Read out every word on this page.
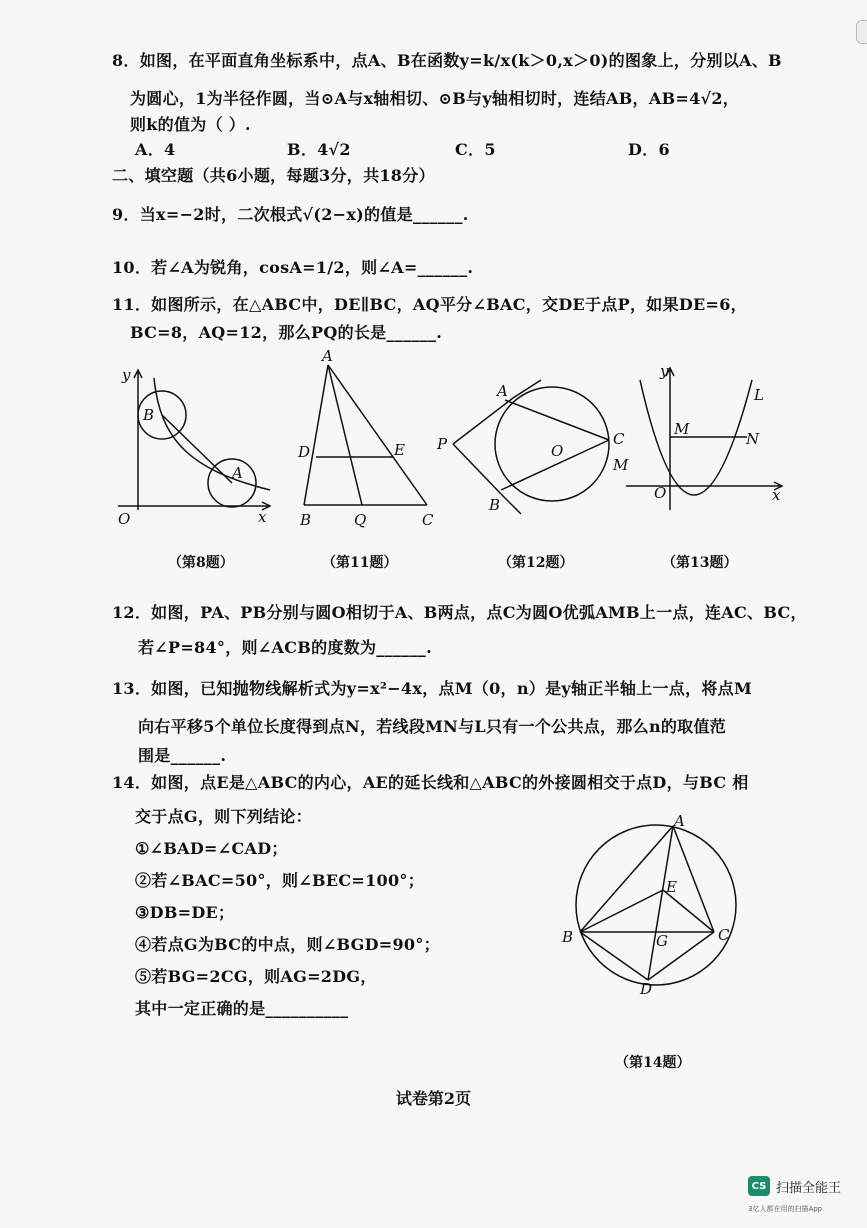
8．如图，在平面直角坐标系中，点A、B在函数y=k/x(k＞0,x＞0)的图象上，分别以A、B
为圆心，1为半径作圆，当⊙A与x轴相切、⊙B与y轴相切时，连结AB，AB=4√2，
则k的值为（ ）.
A．4	B．4√2	C．5	D．6
二、填空题（共6小题，每题3分，共18分）
9．当x=−2时，二次根式√(2−x)的值是______.
10．若∠A为锐角，cosA=1/2，则∠A=______.
11．如图所示，在△ABC中，DE∥BC，AQ平分∠BAC，交DE于点P，如果DE=6，
BC=8，AQ=12，那么PQ的长是______.
y
x
O
B
A
（第8题）
A
D	E
B	Q	C
（第11题）
A
P	O
C
M
B
（第12题）
y
x
O
M
N
L
（第13题）
12．如图，PA、PB分别与圆O相切于A、B两点，点C为圆O优弧AMB上一点，连AC、BC，
若∠P=84°，则∠ACB的度数为______.
13．如图，已知抛物线解析式为y=x²−4x，点M（0，n）是y轴正半轴上一点，将点M
向右平移5个单位长度得到点N，若线段MN与L只有一个公共点，那么n的取值范
围是______.
14．如图，点E是△ABC的内心，AE的延长线和△ABC的外接圆相交于点D，与BC 相
交于点G，则下列结论：
①∠BAD=∠CAD；
②若∠BAC=50°，则∠BEC=100°；
③DB=DE；
④若点G为BC的中点，则∠BGD=90°；
⑤若BG=2CG，则AG=2DG，
其中一定正确的是__________
A
E
B	C
G
D
（第14题）
试卷第2页
CS 扫描全能王
3亿人都在用的扫描App
